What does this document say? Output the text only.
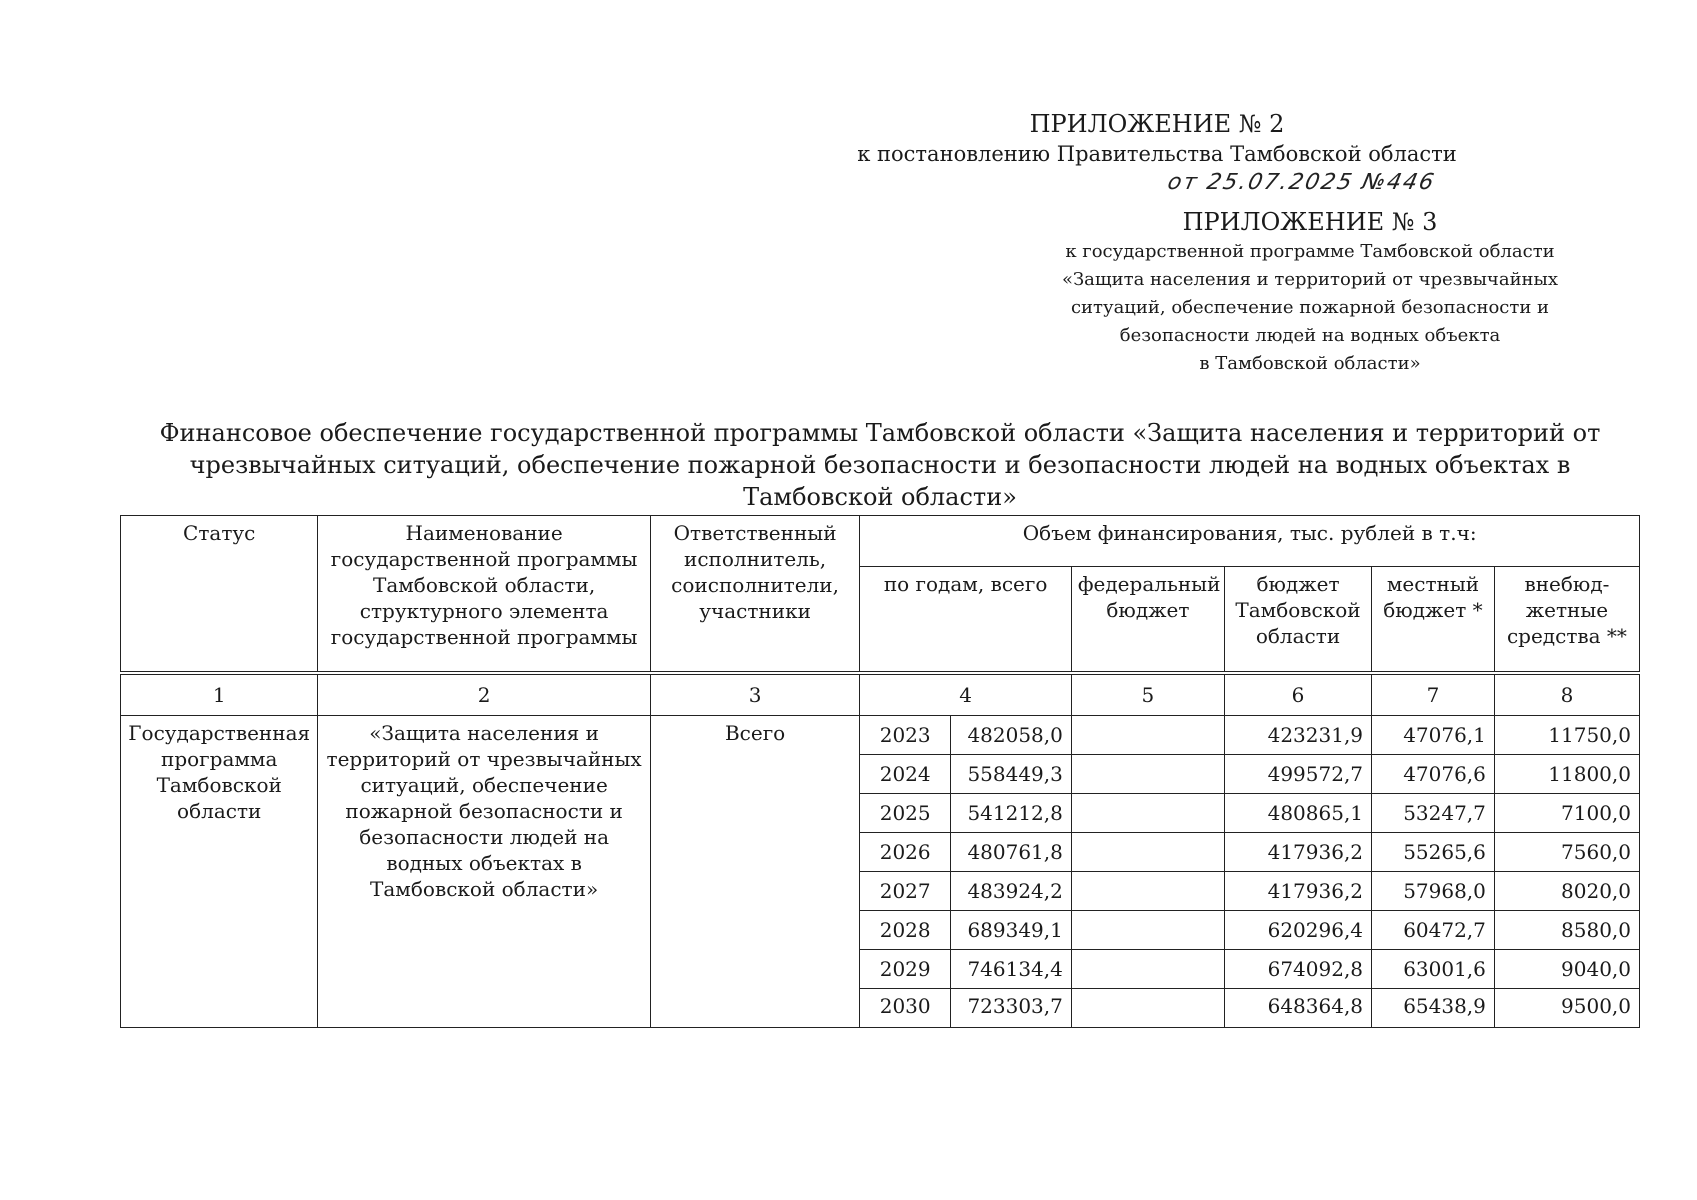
ПРИЛОЖЕНИЕ № 2
к постановлению Правительства Тамбовской области
от 25.07.2025 №446
ПРИЛОЖЕНИЕ № 3
к государственной программе Тамбовской области
«Защита населения и территорий от чрезвычайных
ситуаций, обеспечение пожарной безопасности и
безопасности людей на водных объекта
в Тамбовской области»
Финансовое обеспечение государственной программы Тамбовской области «Защита населения и территорий от чрезвычайных ситуаций, обеспечение пожарной безопасности и безопасности людей на водных объектах в Тамбовской области»
Статус	Наименование государственной программы Тамбовской области, структурного элемента государственной программы	Ответственный исполнитель, соисполнители, участники	Объем финансирования, тыс. рублей в т.ч:					
			по годам, всего		федеральный бюджет	бюджет Тамбовской области	местный бюджет *	внебюд-жетные средства **

1	2	3	4		5	6	7	8
Государственная программа Тамбовской области	«Защита населения и территорий от чрезвычайных ситуаций, обеспечение пожарной безопасности и безопасности людей на водных объектах в Тамбовской области»	Всего	2023	482058,0		423231,9	47076,1	11750,0
			2024	558449,3		499572,7	47076,6	11800,0
			2025	541212,8		480865,1	53247,7	7100,0
			2026	480761,8		417936,2	55265,6	7560,0
			2027	483924,2		417936,2	57968,0	8020,0
			2028	689349,1		620296,4	60472,7	8580,0
			2029	746134,4		674092,8	63001,6	9040,0
			2030	723303,7		648364,8	65438,9	9500,0
